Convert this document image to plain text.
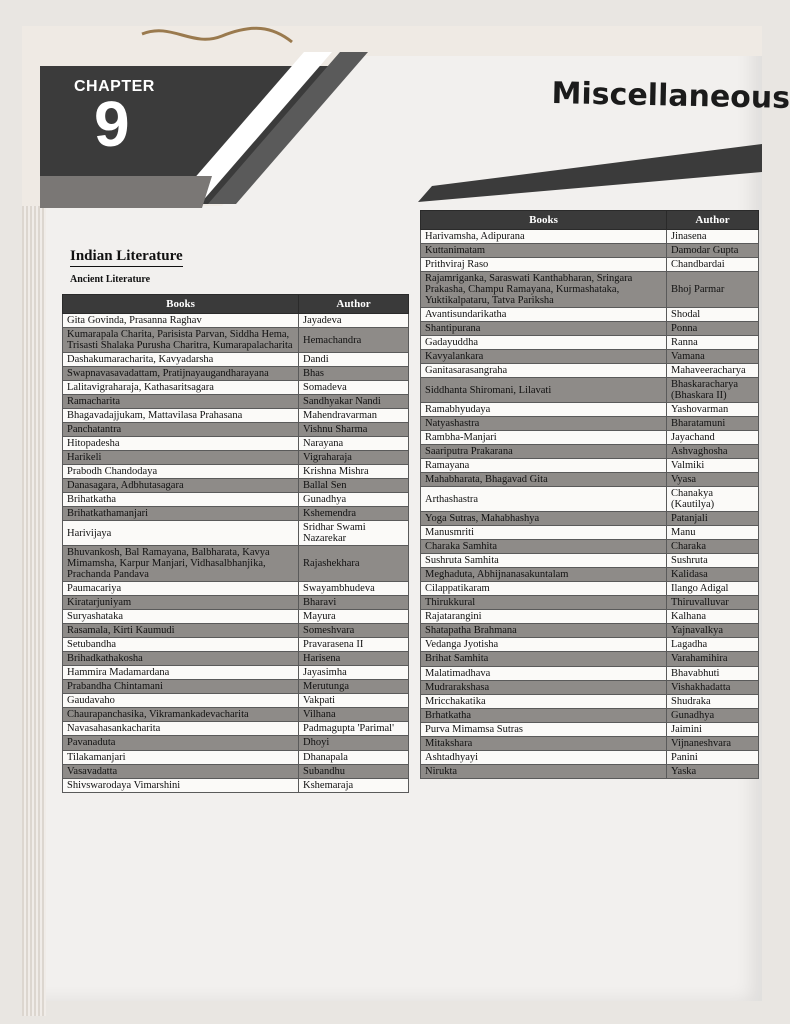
CHAPTER
9	Miscellaneous
Indian Literature
Ancient Literature
Books	Author
Gita Govinda, Prasanna Raghav	Jayadeva
Kumarapala Charita, Parisista Parvan, Siddha Hema, Trisasti Shalaka Purusha Charitra, Kumarapalacharita	Hemachandra
Dashakumaracharita, Kavyadarsha	Dandi
Swapnavasavadattam, Pratijnayaugandharayana	Bhas
Lalitavigraharaja, Kathasaritsagara	Somadeva
Ramacharita	Sandhyakar Nandi
Bhagavadajjukam, Mattavilasa Prahasana	Mahendravarman
Panchatantra	Vishnu Sharma
Hitopadesha	Narayana
Harikeli	Vigraharaja
Prabodh Chandodaya	Krishna Mishra
Danasagara, Adbhutasagara	Ballal Sen
Brihatkatha	Gunadhya
Brihatkathamanjari	Kshemendra
Harivijaya	Sridhar Swami Nazarekar
Bhuvankosh, Bal Ramayana, Balbharata, Kavya Mimamsha, Karpur Manjari, Vidhasalbhanjika, Prachanda Pandava	Rajashekhara
Paumacariya	Swayambhudeva
Kiratarjuniyam	Bharavi
Suryashataka	Mayura
Rasamala, Kirti Kaumudi	Someshvara
Setubandha	Pravarasena II
Brihadkathakosha	Harisena
Hammira Madamardana	Jayasimha
Prabandha Chintamani	Merutunga
Gaudavaho	Vakpati
Chaurapanchasika, Vikramankadevacharita	Vilhana
Navasahasankacharita	Padmagupta 'Parimal'
Pavanaduta	Dhoyi
Tilakamanjari	Dhanapala
Vasavadatta	Subandhu
Shivswarodaya Vimarshini	Kshemaraja
Books	Author
Harivamsha, Adipurana	Jinasena
Kuttanimatam	Damodar Gupta
Prithviraj Raso	Chandbardai
Rajamriganka, Saraswati Kanthabharan, Sringara Prakasha, Champu Ramayana, Kurmashataka, Yuktikalpataru, Tatva Pariksha	Bhoj Parmar
Avantisundarikatha	Shodal
Shantipurana	Ponna
Gadayuddha	Ranna
Kavyalankara	Vamana
Ganitasarasangraha	Mahaveeracharya
Siddhanta Shiromani, Lilavati	Bhaskaracharya (Bhaskara II)
Ramabhyudaya	Yashovarman
Natyashastra	Bharatamuni
Rambha-Manjari	Jayachand
Saariputra Prakarana	Ashvaghosha
Ramayana	Valmiki
Mahabharata, Bhagavad Gita	Vyasa
Arthashastra	Chanakya (Kautilya)
Yoga Sutras, Mahabhashya	Patanjali
Manusmriti	Manu
Charaka Samhita	Charaka
Sushruta Samhita	Sushruta
Meghaduta, Abhijnanasakuntalam	Kalidasa
Cilappatikaram	Ilango Adigal
Thirukkural	Thiruvalluvar
Rajatarangini	Kalhana
Shatapatha Brahmana	Yajnavalkya
Vedanga Jyotisha	Lagadha
Brihat Samhita	Varahamihira
Malatimadhava	Bhavabhuti
Mudrarakshasa	Vishakhadatta
Mricchakatika	Shudraka
Brhatkatha	Gunadhya
Purva Mimamsa Sutras	Jaimini
Mitakshara	Vijnaneshvara
Ashtadhyayi	Panini
Nirukta	Yaska
